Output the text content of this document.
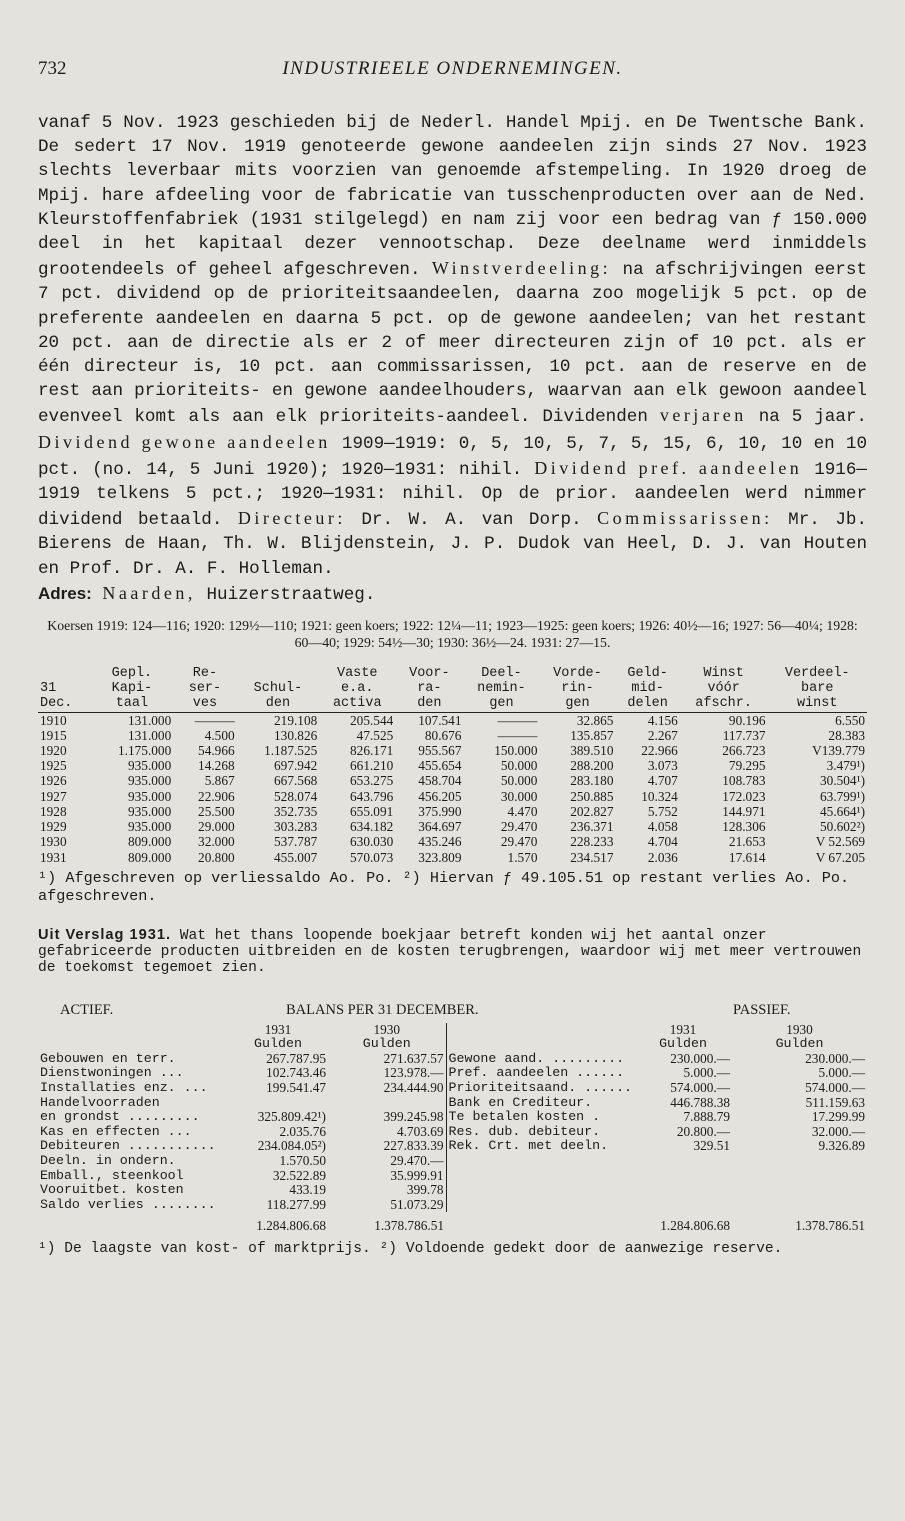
732	INDUSTRIEELE ONDERNEMINGEN.

vanaf 5 Nov. 1923 geschieden bij de Nederl. Handel Mpij. en De Twentsche Bank. De sedert 17 Nov. 1919 genoteerde gewone aandeelen zijn sinds 27 Nov. 1923 slechts leverbaar mits voorzien van genoemde afstempeling. In 1920 droeg de Mpij. hare afdeeling voor de fabricatie van tusschenproducten over aan de Ned. Kleurstoffenfabriek (1931 stilgelegd) en nam zij voor een bedrag van ƒ 150.000 deel in het kapitaal dezer vennootschap. Deze deelname werd inmiddels grootendeels of geheel afgeschreven. Winstverdeeling: na afschrijvingen eerst 7 pct. dividend op de prioriteitsaandeelen, daarna zoo mogelijk 5 pct. op de preferente aandeelen en daarna 5 pct. op de gewone aandeelen; van het restant 20 pct. aan de directie als er 2 of meer directeuren zijn of 10 pct. als er één directeur is, 10 pct. aan commissarissen, 10 pct. aan de reserve en de rest aan prioriteits- en gewone aandeelhouders, waarvan aan elk gewoon aandeel evenveel komt als aan elk prioriteits-aandeel. Dividenden verjaren na 5 jaar. Dividend gewone aandeelen 1909—1919: 0, 5, 10, 5, 7, 5, 15, 6, 10, 10 en 10 pct. (no. 14, 5 Juni 1920); 1920—1931: nihil. Dividend pref. aandeelen 1916—1919 telkens 5 pct.; 1920—1931: nihil. Op de prior. aandeelen werd nimmer dividend betaald. Directeur: Dr. W. A. van Dorp. Commissarissen: Mr. Jb. Bierens de Haan, Th. W. Blijdenstein, J. P. Dudok van Heel, D. J. van Houten en Prof. Dr. A. F. Holleman.

Adres: Naarden, Huizerstraatweg.

Koersen 1919: 124—116; 1920: 129½—110; 1921: geen koers; 1922: 12¼—11; 1923—1925: geen koers; 1926: 40½—16; 1927: 56—40¼; 1928: 60—40; 1929: 54½—30; 1930: 36½—24. 1931: 27—15.
	Gepl.	Re-		Vaste	Voor-	Deel-	Vorde-	Geld-	Winst	Verdeel-
31	Kapi-	ser-	Schul-	e.a.	ra-	nemin-	rin-	mid-	vóór	bare
Dec.	taal	ves	den	activa	den	gen	gen	delen	afschr.	winst
1910	131.000	———	219.108	205.544	107.541	———	32.865	4.156	90.196	6.550
1915	131.000	4.500	130.826	47.525	80.676	———	135.857	2.267	117.737	28.383
1920	1.175.000	54.966	1.187.525	826.171	955.567	150.000	389.510	22.966	266.723	V139.779
1925	935.000	14.268	697.942	661.210	455.654	50.000	288.200	3.073	79.295	3.479¹)
1926	935.000	5.867	667.568	653.275	458.704	50.000	283.180	4.707	108.783	30.504¹)
1927	935.000	22.906	528.074	643.796	456.205	30.000	250.885	10.324	172.023	63.799¹)
1928	935.000	25.500	352.735	655.091	375.990	4.470	202.827	5.752	144.971	45.664¹)
1929	935.000	29.000	303.283	634.182	364.697	29.470	236.371	4.058	128.306	50.602²)
1930	809.000	32.000	537.787	630.030	435.246	29.470	228.233	4.704	21.653	V 52.569
1931	809.000	20.800	455.007	570.073	323.809	1.570	234.517	2.036	17.614	V 67.205
¹) Afgeschreven op verliessaldo Ao. Po. ²) Hiervan ƒ 49.105.51 op restant verlies Ao. Po. afgeschreven.
Uit Verslag 1931. Wat het thans loopende boekjaar betreft konden wij het aantal onzer gefabriceerde producten uitbreiden en de kosten terugbrengen, waardoor wij met meer vertrouwen de toekomst tegemoet zien.
ACTIEF.	BALANS PER 31 DECEMBER.	PASSIEF.
	1931	1930		1931	1930
	Gulden	Gulden		Gulden	Gulden
Gebouwen en terr.	267.787.95	271.637.57	Gewone aand. .........	230.000.—	230.000.—
Dienstwoningen ...	102.743.46	123.978.—	Pref. aandeelen ......	5.000.—	5.000.—
Installaties enz. ...	199.541.47	234.444.90	Prioriteitsaand. ......	574.000.—	574.000.—
Handelvoorraden			Bank en Crediteur.	446.788.38	511.159.63
en grondst .........	325.809.42¹)	399.245.98	Te betalen kosten .	7.888.79	17.299.99
Kas en effecten ...	2.035.76	4.703.69	Res. dub. debiteur.	20.800.—	32.000.—
Debiteuren ...........	234.084.05²)	227.833.39	Rek. Crt. met deeln.	329.51	9.326.89
Deeln. in ondern.	1.570.50	29.470.—			
Emball., steenkool	32.522.89	35.999.91			
Vooruitbet. kosten	433.19	399.78			
Saldo verlies ........	118.277.99	51.073.29			
	1.284.806.68	1.378.786.51		1.284.806.68	1.378.786.51
¹) De laagste van kost- of marktprijs. ²) Voldoende gedekt door de aanwezige reserve.
